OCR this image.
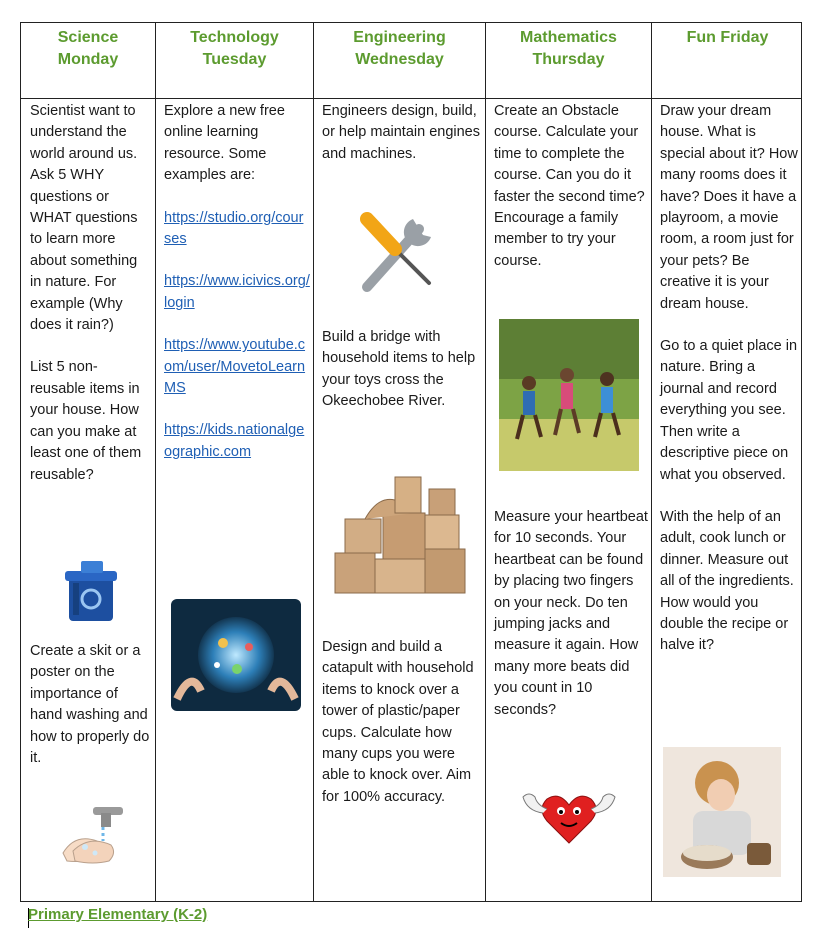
Science
Monday
Technology
Tuesday
Engineering
Wednesday
Mathematics
Thursday
Fun Friday

Scientist want to understand the world around us. Ask 5 WHY questions or WHAT questions to learn more about something in nature. For example (Why does it rain?)

List 5 non-reusable items in your house. How can you make at least one of them reusable?

Create a skit or a poster on the importance of hand washing and how to properly do it.

Explore a new free online learning resource. Some examples are:

https://studio.org/courses
https://www.icivics.org/login
https://www.youtube.com/user/MovetoLearnMS
https://kids.nationalgeographic.com

Engineers design, build, or help maintain engines and machines.

Build a bridge with household items to help your toys cross the Okeechobee River.
Design and build a catapult with household items to knock over a tower of plastic/paper cups. Calculate how many cups you were able to knock over. Aim for 100% accuracy.

Create an Obstacle course. Calculate your time to complete the course. Can you do it faster the second time? Encourage a family member to try your course.

Measure your heartbeat for 10 seconds. Your heartbeat can be found by placing two fingers on your neck. Do ten jumping jacks and measure it again. How many more beats did you count in 10 seconds?

Draw your dream house. What is special about it? How many rooms does it have? Does it have a playroom, a movie room, a room just for your pets? Be creative it is your dream house.

Go to a quiet place in nature. Bring a journal and record everything you see. Then write a descriptive piece on what you observed.

With the help of an adult, cook lunch or dinner. Measure out all of the ingredients. How would you double the recipe or halve it?

Primary Elementary (K-2)
